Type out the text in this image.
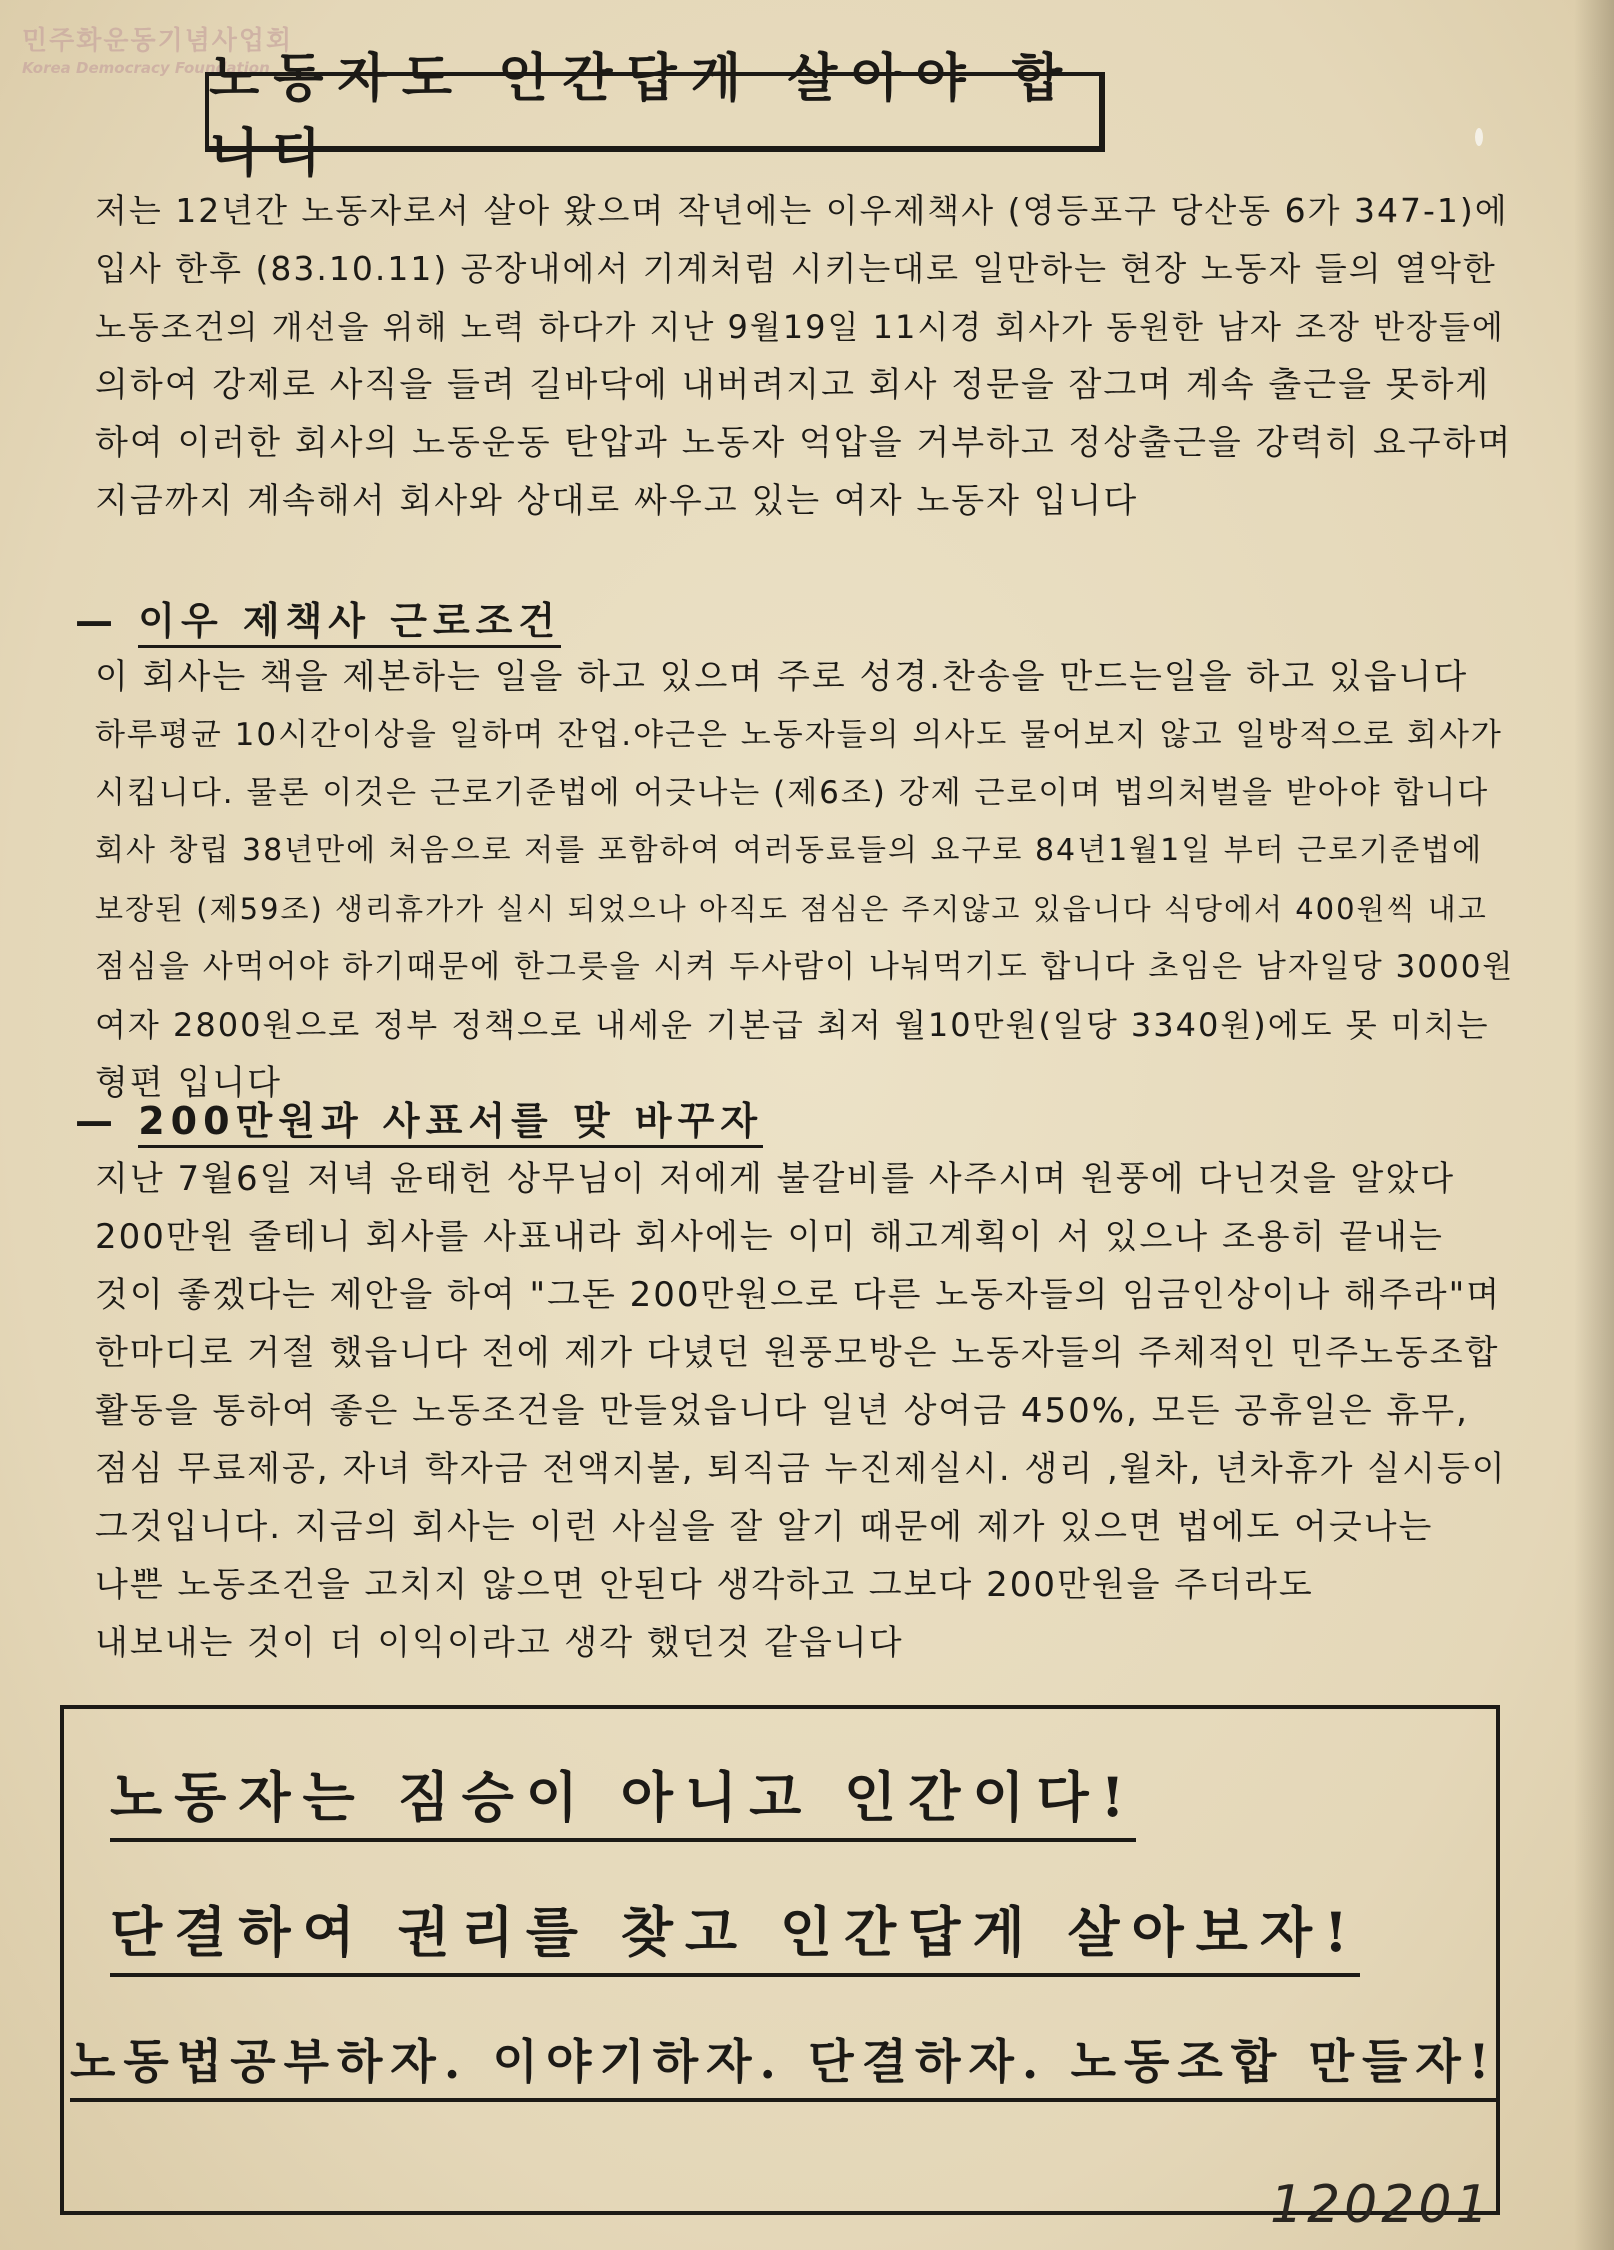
민주화운동기념사업회
Korea Democracy Foundation
노동자도 인간답게 살아야 합니다
저는 12년간 노동자로서 살아 왔으며 작년에는 이우제책사 (영등포구 당산동 6가 347-1)에
입사 한후 (83.10.11) 공장내에서 기계처럼 시키는대로 일만하는 현장 노동자 들의 열악한
노동조건의 개선을 위해 노력 하다가 지난 9월19일 11시경 회사가 동원한 남자 조장 반장들에
의하여 강제로 사직을 들려 길바닥에 내버려지고 회사 정문을 잠그며 계속 출근을 못하게
하여 이러한 회사의 노동운동 탄압과 노동자 억압을 거부하고 정상출근을 강력히 요구하며
지금까지 계속해서 회사와 상대로 싸우고 있는 여자 노동자 입니다
— 이우 제책사 근로조건
이 회사는 책을 제본하는 일을 하고 있으며 주로 성경.찬송을 만드는일을 하고 있읍니다
하루평균 10시간이상을 일하며 잔업.야근은 노동자들의 의사도 물어보지 않고 일방적으로 회사가
시킵니다. 물론 이것은 근로기준법에 어긋나는 (제6조) 강제 근로이며 법의처벌을 받아야 합니다
회사 창립 38년만에 처음으로 저를 포함하여 여러동료들의 요구로 84년1월1일 부터 근로기준법에
보장된 (제59조) 생리휴가가 실시 되었으나 아직도 점심은 주지않고 있읍니다 식당에서 400원씩 내고
점심을 사먹어야 하기때문에 한그릇을 시켜 두사람이 나눠먹기도 합니다 초임은 남자일당 3000원
여자 2800원으로 정부 정책으로 내세운 기본급 최저 월10만원(일당 3340원)에도 못 미치는
형편 입니다
— 200만원과 사표서를 맞 바꾸자
지난 7월6일 저녁 윤태헌 상무님이 저에게 불갈비를 사주시며 원풍에 다닌것을 알았다
200만원 줄테니 회사를 사표내라 회사에는 이미 해고계획이 서 있으나 조용히 끝내는
것이 좋겠다는 제안을 하여 "그돈 200만원으로 다른 노동자들의 임금인상이나 해주라"며
한마디로 거절 했읍니다 전에 제가 다녔던 원풍모방은 노동자들의 주체적인 민주노동조합
활동을 통하여 좋은 노동조건을 만들었읍니다 일년 상여금 450%, 모든 공휴일은 휴무,
점심 무료제공, 자녀 학자금 전액지불, 퇴직금 누진제실시. 생리 ,월차, 년차휴가 실시등이
그것입니다. 지금의 회사는 이런 사실을 잘 알기 때문에 제가 있으면 법에도 어긋나는
나쁜 노동조건을 고치지 않으면 안된다 생각하고 그보다 200만원을 주더라도
내보내는 것이 더 이익이라고 생각 했던것 같읍니다
노동자는 짐승이 아니고 인간이다!
단결하여 권리를 찾고 인간답게 살아보자!
노동법공부하자. 이야기하자. 단결하자. 노동조합 만들자!
120201
